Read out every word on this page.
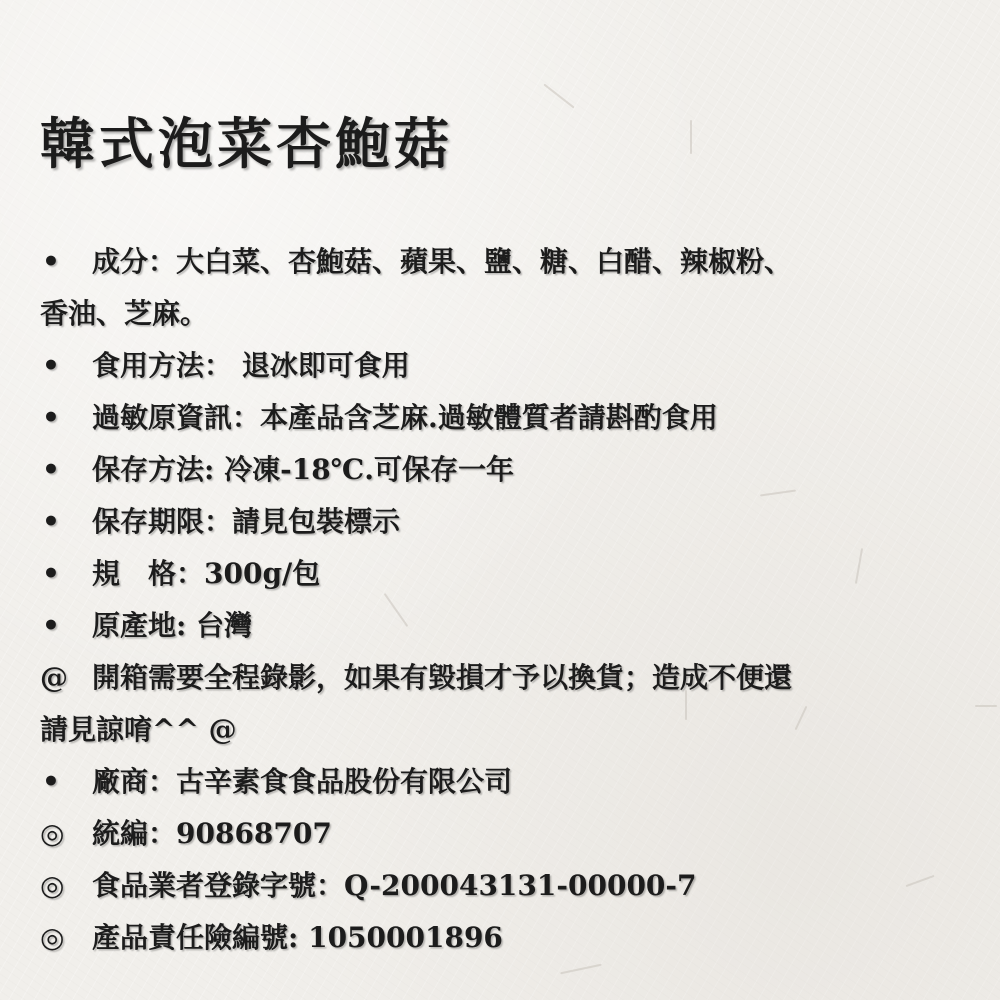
韓式泡菜杏鮑菇
• 成分：大白菜、杏鮑菇、蘋果、鹽、糖、白醋、辣椒粉、
香油、芝麻。
• 食用方法： 退冰即可食用
• 過敏原資訊：本產品含芝麻.過敏體質者請斟酌食用
• 保存方法: 冷凍-18℃.可保存一年
• 保存期限：請見包裝標示
• 規　格：300g/包
• 原產地: 台灣
@ 開箱需要全程錄影，如果有毀損才予以換貨；造成不便還
請見諒唷^^ @
• 廠商：古辛素食食品股份有限公司
◎ 統編：90868707
◎ 食品業者登錄字號：Q-200043131-00000-7
◎ 產品責任險編號: 1050001896
